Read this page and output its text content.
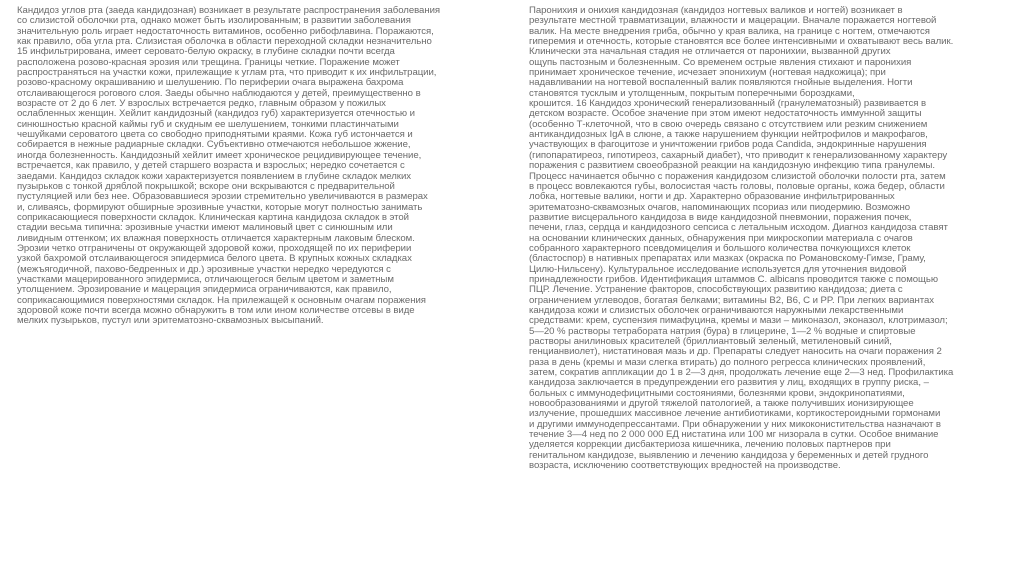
Кандидоз углов рта (заеда кандидозная) возникает в результате распространения заболевания
со слизистой оболочки рта, однако может быть изолированным; в развитии заболевания
значительную роль играет недостаточность витаминов, особенно рибофлавина. Поражаются,
как правило, оба угла рта. Слизистая оболочка в области переходной складки незначительно
15 инфильтрирована, имеет серовато-белую окраску, в глубине складки почти всегда
расположена розово-красная эрозия или трещина. Границы четкие. Поражение может
распространяться на участки кожи, прилежащие к углам рта, что приводит к их инфильтрации,
розово-красному окрашиванию и шелушению. По периферии очага выражена бахрома
отслаивающегося рогового слоя. Заеды обычно наблюдаются у детей, преимущественно в
возрасте от 2 до 6 лет. У взрослых встречается редко, главным образом у пожилых
ослабленных женщин. Хейлит кандидозный (кандидоз губ) характеризуется отечностью и
синюшностью красной каймы губ и скудным ее шелушением, тонкими пластинчатыми
чешуйками сероватого цвета со свободно приподнятыми краями. Кожа губ истончается и
собирается в нежные радиарные складки. Субъективно отмечаются небольшое жжение,
иногда болезненность. Кандидозный хейлит имеет хроническое рецидивирующее течение,
встречается, как правило, у детей старшего возраста и взрослых; нередко сочетается с
заедами. Кандидоз складок кожи характеризуется появлением в глубине складок мелких
пузырьков с тонкой дряблой покрышкой; вскоре они вскрываются с предварительной
пустуляцией или без нее. Образовавшиеся эрозии стремительно увеличиваются в размерах
и, сливаясь, формируют обширные эрозивные участки, которые могут полностью занимать
соприкасающиеся поверхности складок. Клиническая картина кандидоза складок в этой
стадии весьма типична: эрозивные участки имеют малиновый цвет с синюшным или
ливидным оттенком; их влажная поверхность отличается характерным лаковым блеском.
Эрозии четко отграничены от окружающей здоровой кожи, проходящей по их периферии
узкой бахромой отслаивающегося эпидермиса белого цвета. В крупных кожных складках
(межъягодичной, пахово-бедренных и др.) эрозивные участки нередко чередуются с
участками мацерированного эпидермиса, отличающегося белым цветом и заметным
утолщением. Эрозирование и мацерация эпидермиса ограничиваются, как правило,
соприкасающимися поверхностями складок. На прилежащей к основным очагам поражения
здоровой коже почти всегда можно обнаружить в том или ином количестве отсевы в виде
мелких пузырьков, пустул или эритематозно-сквамозных высыпаний.
Паронихия и онихия кандидозная (кандидоз ногтевых валиков и ногтей) возникает в
результате местной травматизации, влажности и мацерации. Вначале поражается ногтевой
валик. На месте внедрения гриба, обычно у края валика, на границе с ногтем, отмечаются
гиперемия и отечность, которые становятся все более интенсивными и охватывают весь валик.
Клинически эта начальная стадия не отличается от паронихии, вызванной других
ощупь пастозным и болезненным. Со временем острые явления стихают и паронихия
принимает хроническое течение, исчезает эпонихиум (ногтевая надкожица); при
надавливании на ногтевой воспаленный валик появляются гнойные выделения. Ногти
становятся тусклым и утолщенным, покрытым поперечными бороздками,
крошится. 16 Кандидоз хронический генерализованный (гранулематозный) развивается в
детском возрасте. Особое значение при этом имеют недостаточность иммунной защиты
(особенно Т-клеточной, что в свою очередь связано с отсутствием или резким снижением
антикандидозных IgA в слюне, а также нарушением функции нейтрофилов и макрофагов,
участвующих в фагоцитозе и уничтожении грибов рода Candida, эндокринные нарушения
(гипопаратиреоз, гипотиреоз, сахарный диабет), что приводит к генерализованному характеру
поражения с развитием своеобразной реакции на кандидозную инфекцию типа гранулемы.
Процесс начинается обычно с поражения кандидозом слизистой оболочки полости рта, затем
в процесс вовлекаются губы, волосистая часть головы, половые органы, кожа бедер, области
лобка, ногтевые валики, ногти и др. Характерно образование инфильтрированных
эритематозно-сквамозных очагов, напоминающих псориаз или пиодермию. Возможно
развитие висцерального кандидоза в виде кандидозной пневмонии, поражения почек,
печени, глаз, сердца и кандидозного сепсиса с летальным исходом. Диагноз кандидоза ставят
на основании клинических данных, обнаружения при микроскопии материала с очагов
собранного характерного псевдомицелия и большого количества почкующихся клеток
(бластоспор) в нативных препаратах или мазках (окраска по Романовскому-Гимзе, Граму,
Цилю-Нильсену). Культуральное исследование используется для уточнения видовой
принадлежности грибов. Идентификация штаммов C. albicans проводится также с помощью
ПЦР. Лечение. Устранение факторов, способствующих развитию кандидоза; диета с
ограничением углеводов, богатая белками; витамины B2, B6, C и PP. При легких вариантах
кандидоза кожи и слизистых оболочек ограничиваются наружными лекарственными
средствами: крем, суспензия пимафуцина, кремы и мази – миконазол, эконазол, клотримазол;
5—20 % растворы тетрабората натрия (бура) в глицерине, 1—2 % водные и спиртовые
растворы анилиновых красителей (бриллиантовый зеленый, метиленовый синий,
генцианвиолет), нистатиновая мазь и др. Препараты следует наносить на очаги поражения 2
раза в день (кремы и мази слегка втирать) до полного регресса клинических проявлений,
затем, сократив аппликации до 1 в 2—3 дня, продолжать лечение еще 2—3 нед. Профилактика
кандидоза заключается в предупреждении его развития у лиц, входящих в группу риска, –
больных с иммунодефицитными состояниями, болезнями крови, эндокринопатиями,
новообразованиями и другой тяжелой патологией, а также получивших ионизирующее
излучение, прошедших массивное лечение антибиотиками, кортикостероидными гормонами
и другими иммунодепрессантами. При обнаружении у них микоконистительства назначают в
течение 3—4 нед по 2 000 000 ЕД нистатина или 100 мг низорала в сутки. Особое внимание
уделяется коррекции дисбактериоза кишечника, лечению половых партнеров при
генитальном кандидозе, выявлению и лечению кандидоза у беременных и детей грудного
возраста, исключению соответствующих вредностей на производстве.
